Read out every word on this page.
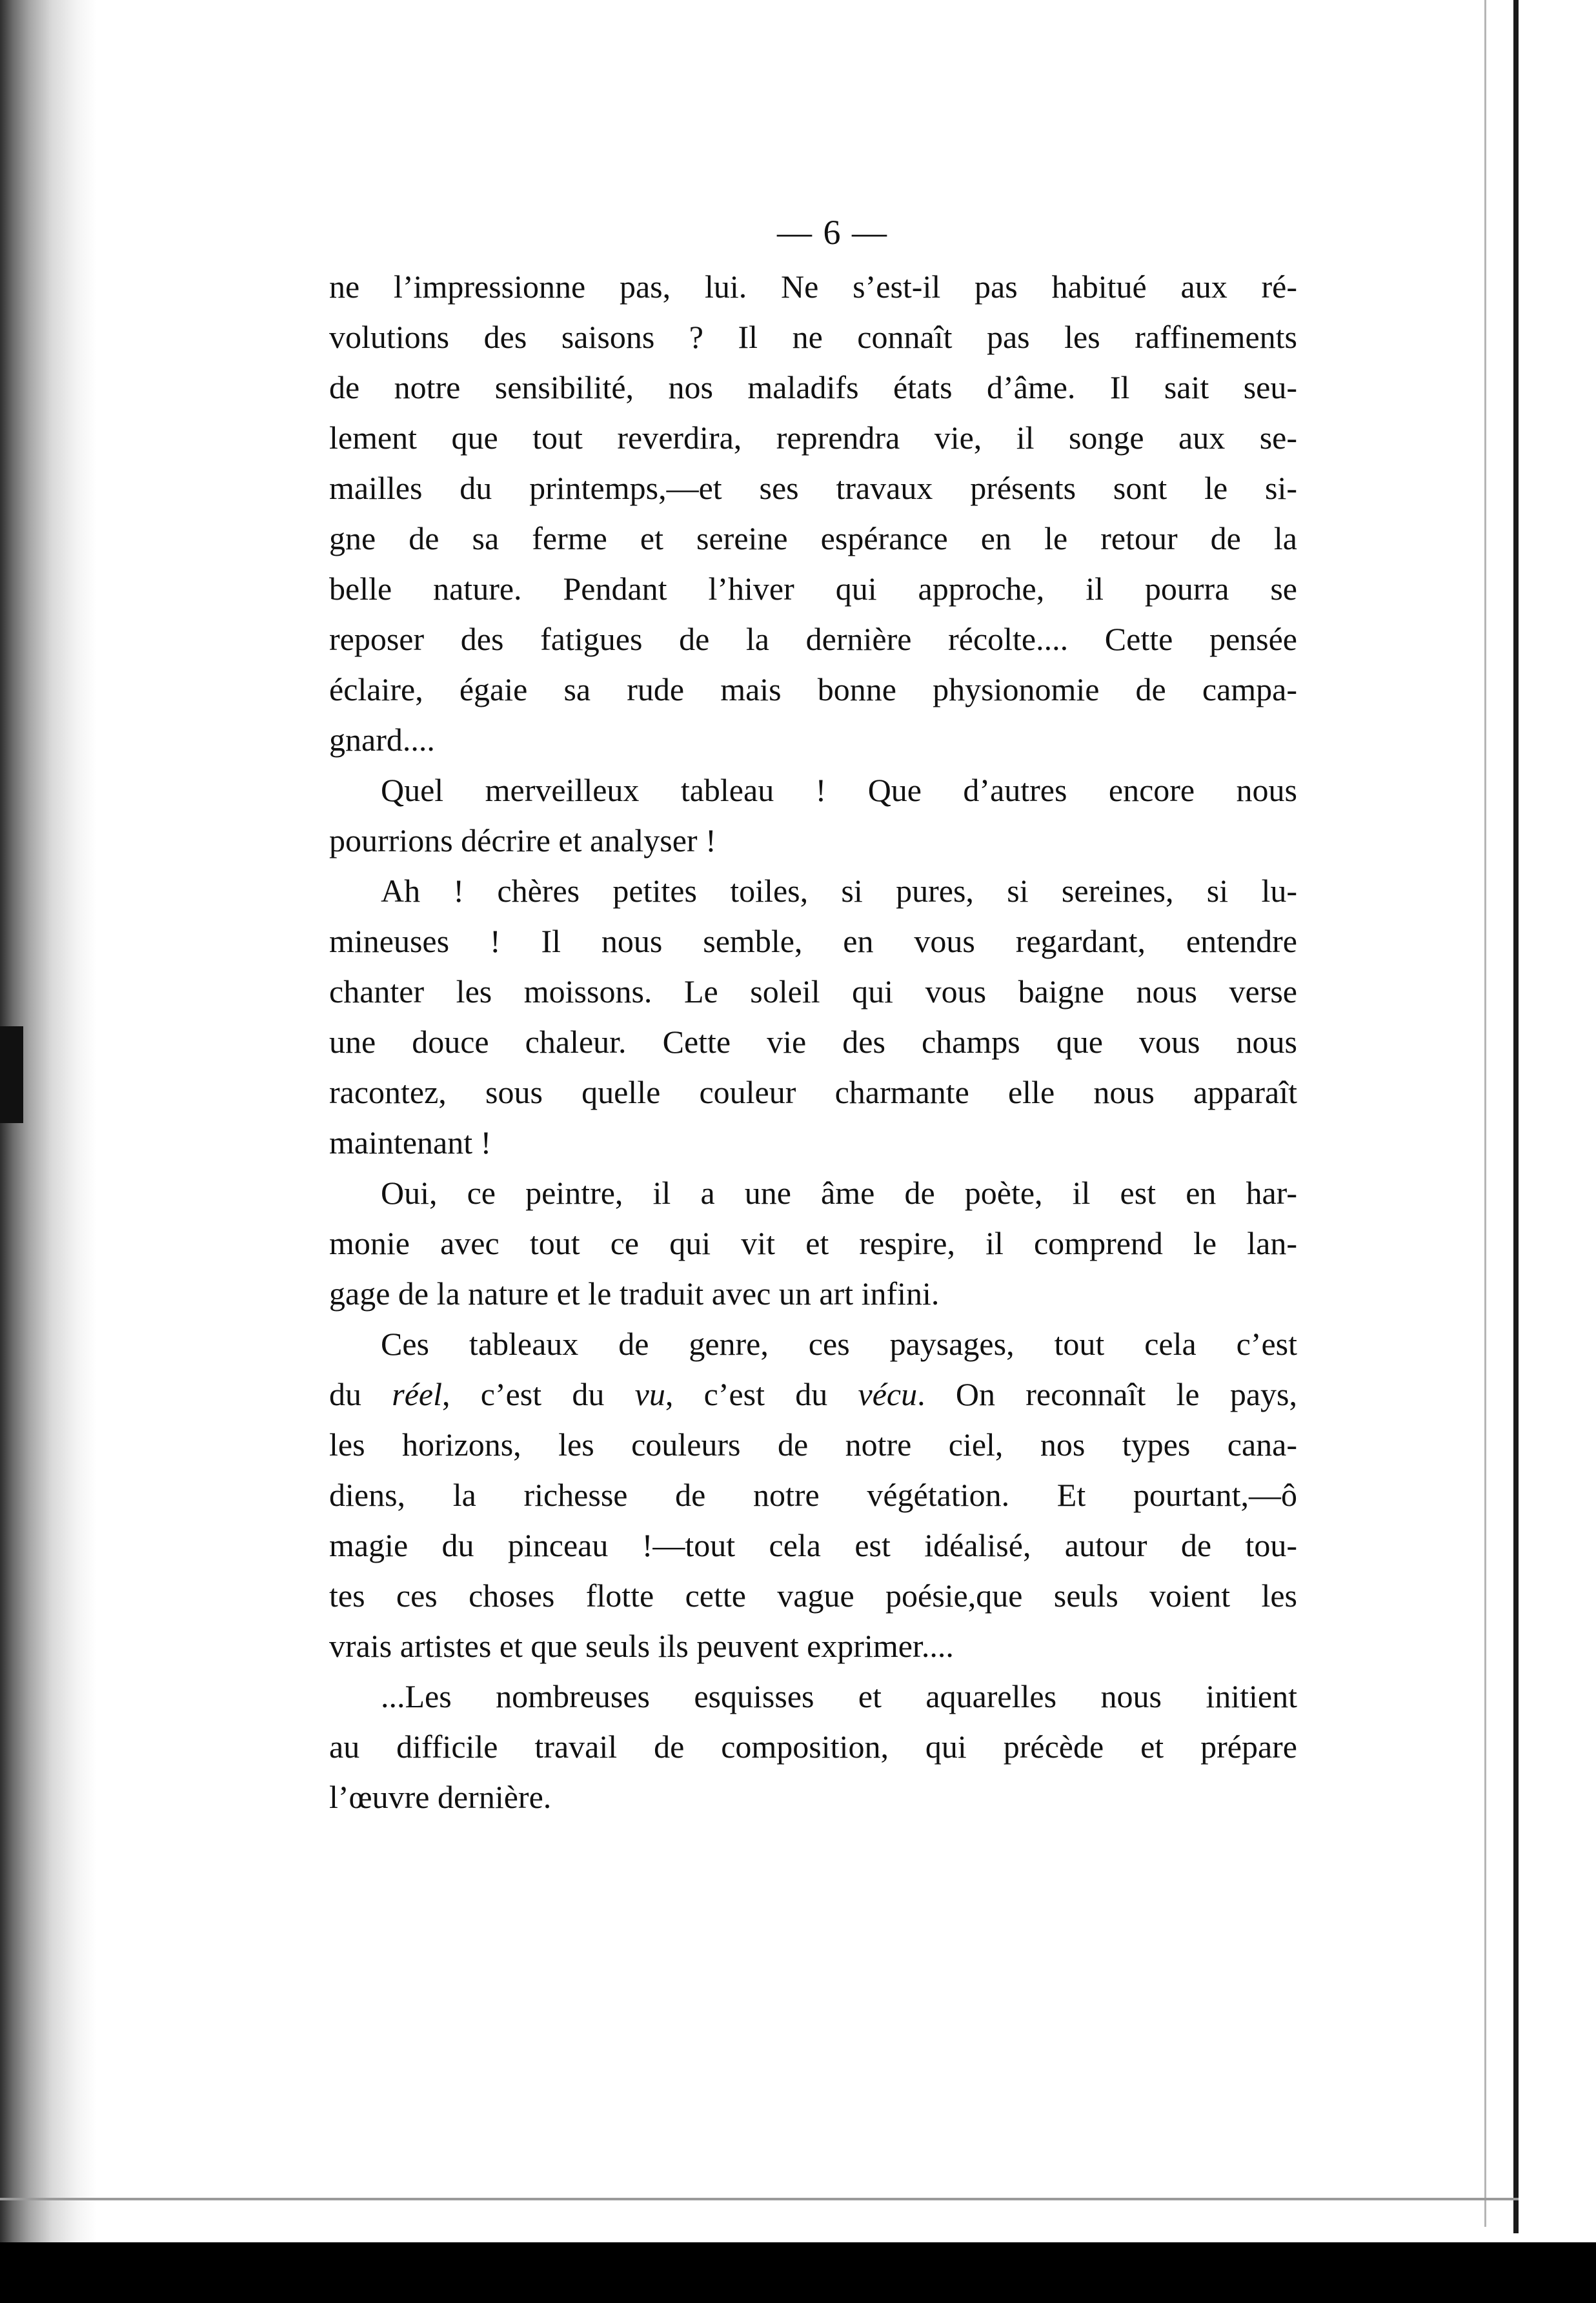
— 6 —
ne l’impressionne pas, lui. Ne s’est-il pas habitué aux ré-
volutions des saisons ? Il ne connaît pas les raffinements
de notre sensibilité, nos maladifs états d’âme. Il sait seu-
lement que tout reverdira, reprendra vie, il songe aux se-
mailles du printemps,—et ses travaux présents sont le si-
gne de sa ferme et sereine espérance en le retour de la
belle nature. Pendant l’hiver qui approche, il pourra se
reposer des fatigues de la dernière récolte.... Cette pensée
éclaire, égaie sa rude mais bonne physionomie de campa-
gnard....
Quel merveilleux tableau ! Que d’autres encore nous
pourrions décrire et analyser !
Ah ! chères petites toiles, si pures, si sereines, si lu-
mineuses ! Il nous semble, en vous regardant, entendre
chanter les moissons. Le soleil qui vous baigne nous verse
une douce chaleur. Cette vie des champs que vous nous
racontez, sous quelle couleur charmante elle nous apparaît
maintenant !
Oui, ce peintre, il a une âme de poète, il est en har-
monie avec tout ce qui vit et respire, il comprend le lan-
gage de la nature et le traduit avec un art infini.
Ces tableaux de genre, ces paysages, tout cela c’est
du réel, c’est du vu, c’est du vécu. On reconnaît le pays,
les horizons, les couleurs de notre ciel, nos types cana-
diens, la richesse de notre végétation. Et pourtant,—ô
magie du pinceau !—tout cela est idéalisé, autour de tou-
tes ces choses flotte cette vague poésie,que seuls voient les
vrais artistes et que seuls ils peuvent exprimer....
...Les nombreuses esquisses et aquarelles nous initient
au difficile travail de composition, qui précède et prépare
l’œuvre dernière.
